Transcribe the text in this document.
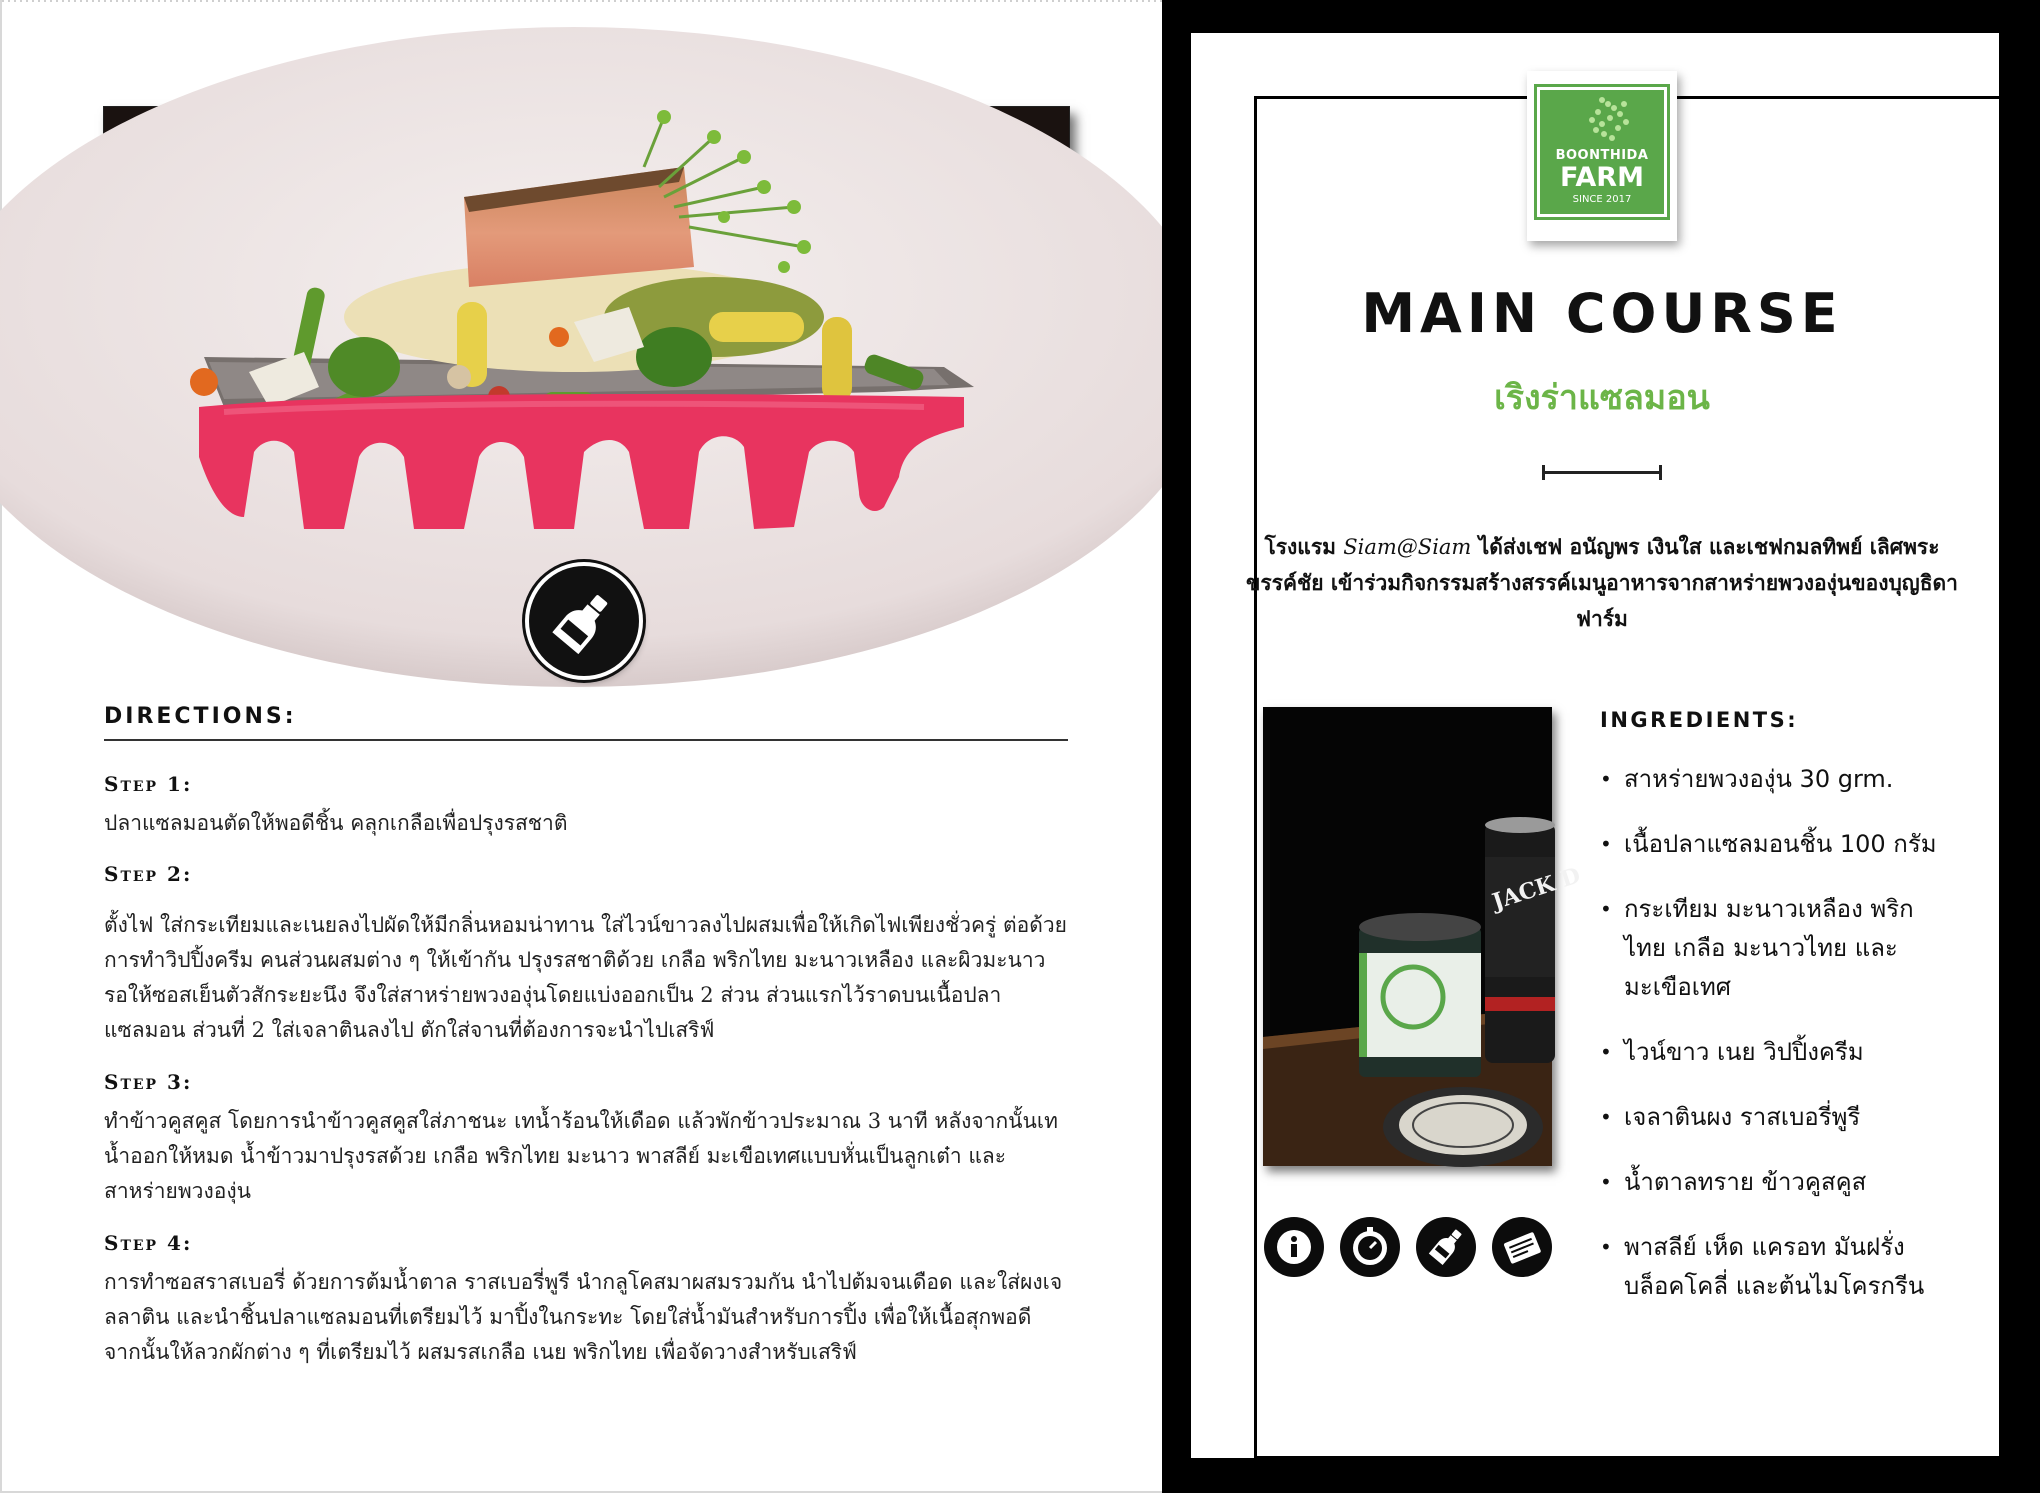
DIRECTIONS:
Step 1:
ปลาแซลมอนตัดให้พอดีชิ้น คลุกเกลือเพื่อปรุงรสชาติ
Step 2:
ตั้งไฟ ใส่กระเทียมและเนยลงไปผัดให้มีกลิ่นหอมน่าทาน ใส่ไวน์ขาวลงไปผสมเพื่อให้เกิดไฟเพียงชั่วครู่ ต่อด้วยการทำวิปปิ้งครีม คนส่วนผสมต่าง ๆ ให้เข้ากัน ปรุงรสชาติด้วย เกลือ พริกไทย มะนาวเหลือง และผิวมะนาว รอให้ซอสเย็นตัวสักระยะนึง จึงใส่สาหร่ายพวงองุ่นโดยแบ่งออกเป็น 2 ส่วน ส่วนแรกไว้ราดบนเนื้อปลาแซลมอน ส่วนที่ 2 ใส่เจลาตินลงไป ตักใส่จานที่ต้องการจะนำไปเสริฟ์
Step 3:
ทำข้าวคูสคูส โดยการนำข้าวคูสคูสใส่ภาชนะ เทน้ำร้อนให้เดือด แล้วพักข้าวประมาณ 3 นาที หลังจากนั้นเทน้ำออกให้หมด น้ำข้าวมาปรุงรสด้วย เกลือ พริกไทย มะนาว พาสลีย์ มะเขือเทศแบบหั่นเป็นลูกเต๋า และสาหร่ายพวงองุ่น
Step 4:
การทำซอสราสเบอรี่ ด้วยการต้มน้ำตาล ราสเบอรี่พูรี นำกลูโคสมาผสมรวมกัน นำไปต้มจนเดือด และใส่ผงเจลลาติน และนำชิ้นปลาแซลมอนที่เตรียมไว้ มาปิ้งในกระทะ โดยใส่น้ำมันสำหรับการปิ้ง เพื่อให้เนื้อสุกพอดี จากนั้นให้ลวกผักต่าง ๆ ที่เตรียมไว้ ผสมรสเกลือ เนย พริกไทย เพื่อจัดวางสำหรับเสริฟ์
BOONTHIDA
FARM
SINCE 2017
MAIN COURSE
เริงร่าแซลมอน
โรงแรม Siam@Siam ได้ส่งเชฟ อนัญพร เงินใส และเชฟกมลทิพย์ เลิศพระขรรค์ชัย เข้าร่วมกิจกรรมสร้างสรรค์เมนูอาหารจากสาหร่ายพวงองุ่นของบุญธิดาฟาร์ม
JACK D
INGREDIENTS:
• สาหร่ายพวงองุ่น 30 grm.
• เนื้อปลาแซลมอนชิ้น 100 กรัม
• กระเทียม มะนาวเหลือง พริกไทย เกลือ มะนาวไทย และมะเขือเทศ
• ไวน์ขาว เนย วิปปิ้งครีม
• เจลาตินผง ราสเบอรี่พูรี
• น้ำตาลทราย ข้าวคูสคูส
• พาสลีย์ เห็ด แครอท มันฝรั่ง บล็อคโคลี่ และต้นไมโครกรีน
